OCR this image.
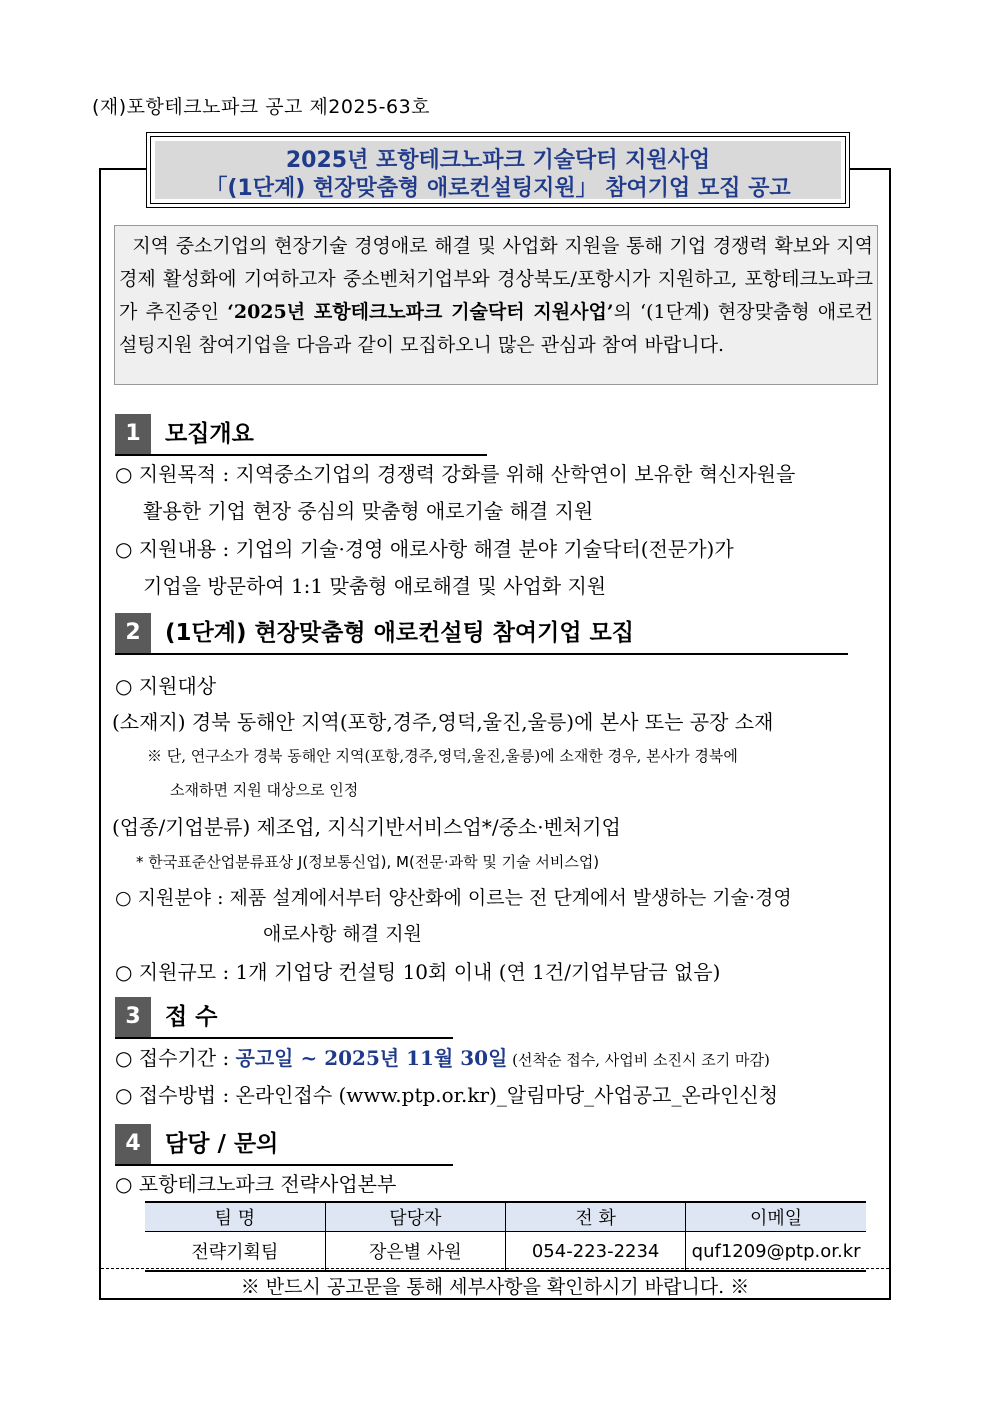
(재)포항테크노파크 공고 제2025-63호
2025년 포항테크노파크 기술닥터 지원사업
「(1단계) 현장맞춤형 애로컨설팅지원」 참여기업 모집 공고
지역 중소기업의 현장기술 경영애로 해결 및 사업화 지원을 통해 기업 경쟁력 확보와 지역경제 활성화에 기여하고자 중소벤처기업부와 경상북도/포항시가 지원하고, 포항테크노파크가 추진중인 ‘2025년 포항테크노파크 기술닥터 지원사업’의 ‘(1단계) 현장맞춤형 애로컨설팅지원 참여기업을 다음과 같이 모집하오니 많은 관심과 참여 바랍니다.
1	모집개요
○ 지원목적 : 지역중소기업의 경쟁력 강화를 위해 산학연이 보유한 혁신자원을
활용한 기업 현장 중심의 맞춤형 애로기술 해결 지원
○ 지원내용 : 기업의 기술·경영 애로사항 해결 분야 기술닥터(전문가)가
기업을 방문하여 1:1 맞춤형 애로해결 및 사업화 지원
2	(1단계) 현장맞춤형 애로컨설팅 참여기업 모집
○ 지원대상
(소재지) 경북 동해안 지역(포항,경주,영덕,울진,울릉)에 본사 또는 공장 소재
※ 단, 연구소가 경북 동해안 지역(포항,경주,영덕,울진,울릉)에 소재한 경우, 본사가 경북에
소재하면 지원 대상으로 인정
(업종/기업분류) 제조업, 지식기반서비스업*/중소·벤처기업
* 한국표준산업분류표상 J(정보통신업), M(전문·과학 및 기술 서비스업)
○ 지원분야 : 제품 설계에서부터 양산화에 이르는 전 단계에서 발생하는 기술·경영
애로사항 해결 지원
○ 지원규모 : 1개 기업당 컨설팅 10회 이내 (연 1건/기업부담금 없음)
3	접 수
○ 접수기간 : 공고일 ~ 2025년 11월 30일 (선착순 접수, 사업비 소진시 조기 마감)
○ 접수방법 : 온라인접수 (www.ptp.or.kr)_알림마당_사업공고_온라인신청
4	담당 / 문의
○ 포항테크노파크 전략사업본부
팀 명	담당자	전 화	이메일
전략기획팀	장은별 사원	054-223-2234	quf1209@ptp.or.kr
※ 반드시 공고문을 통해 세부사항을 확인하시기 바랍니다. ※
